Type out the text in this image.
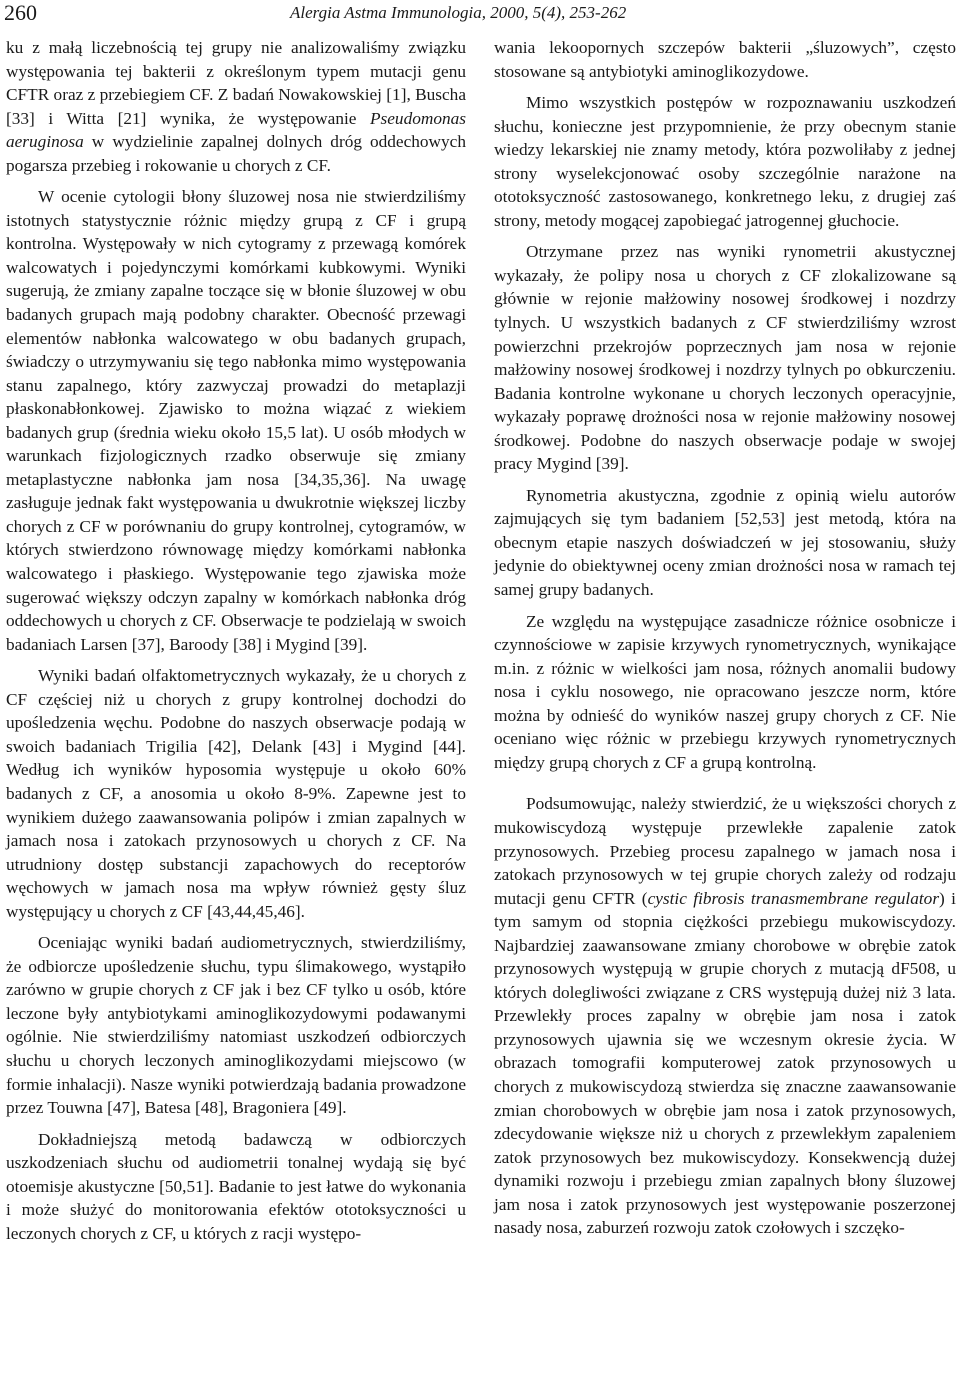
260	Alergia Astma Immunologia, 2000, 5(4), 253-262

ku z małą liczebnością tej grupy nie analizowaliśmy związku występowania tej bakterii z określonym typem mutacji genu CFTR oraz z przebiegiem CF. Z badań Nowakowskiej [1], Buscha [33] i Witta [21] wynika, że występowanie Pseudomonas aeruginosa w wydzielinie zapalnej dolnych dróg oddechowych pogarsza przebieg i rokowanie u chorych z CF.

W ocenie cytologii błony śluzowej nosa nie stwierdziliśmy istotnych statystycznie różnic między grupą z CF i grupą kontrolna. Występowały w nich cytogramy z przewagą komórek walcowatych i pojedynczymi komórkami kubkowymi. Wyniki sugerują, że zmiany zapalne toczące się w błonie śluzowej w obu badanych grupach mają podobny charakter. Obecność przewagi elementów nabłonka walcowatego w obu badanych grupach, świadczy o utrzymywaniu się tego nabłonka mimo występowania stanu zapalnego, który zazwyczaj prowadzi do metaplazji płaskonabłonkowej. Zjawisko to można wiązać z wiekiem badanych grup (średnia wieku około 15,5 lat). U osób młodych w warunkach fizjologicznych rzadko obserwuje się zmiany metaplastyczne nabłonka jam nosa [34,35,36]. Na uwagę zasługuje jednak fakt występowania u dwukrotnie większej liczby chorych z CF w porównaniu do grupy kontrolnej, cytogramów, w których stwierdzono równowagę między komórkami nabłonka walcowatego i płaskiego. Występowanie tego zjawiska może sugerować większy odczyn zapalny w komórkach nabłonka dróg oddechowych u chorych z CF. Obserwacje te podzielają w swoich badaniach Larsen [37], Baroody [38] i Mygind [39].

Wyniki badań olfaktometrycznych wykazały, że u chorych z CF częściej niż u chorych z grupy kontrolnej dochodzi do upośledzenia węchu. Podobne do naszych obserwacje podają w swoich badaniach Trigilia [42], Delank [43] i Mygind [44]. Według ich wyników hyposomia występuje u około 60% badanych z CF, a anosomia u około 8-9%. Zapewne jest to wynikiem dużego zaawansowania polipów i zmian zapalnych w jamach nosa i zatokach przynosowych u chorych z CF. Na utrudniony dostęp substancji zapachowych do receptorów węchowych w jamach nosa ma wpływ również gęsty śluz występujący u chorych z CF [43,44,45,46].

Oceniając wyniki badań audiometrycznych, stwierdziliśmy, że odbiorcze upośledzenie słuchu, typu ślimakowego, wystąpiło zarówno w grupie chorych z CF jak i bez CF tylko u osób, które leczone były antybiotykami aminoglikozydowymi podawanymi ogólnie. Nie stwierdziliśmy natomiast uszkodzeń odbiorczych słuchu u chorych leczonych aminoglikozydami miejscowo (w formie inhalacji). Nasze wyniki potwierdzają badania prowadzone przez Touwna [47], Batesa [48], Bragoniera [49].

Dokładniejszą metodą badawczą w odbiorczych uszkodzeniach słuchu od audiometrii tonalnej wydają się być otoemisje akustyczne [50,51]. Badanie to jest łatwe do wykonania i może służyć do monitorowania efektów ototoksyczności u leczonych chorych z CF, u których z racji występo-

wania lekoopornych szczepów bakterii „śluzowych”, często stosowane są antybiotyki aminoglikozydowe.

Mimo wszystkich postępów w rozpoznawaniu uszkodzeń słuchu, konieczne jest przypomnienie, że przy obecnym stanie wiedzy lekarskiej nie znamy metody, która pozwoliłaby z jednej strony wyselekcjonować osoby szczególnie narażone na ototoksyczność zastosowanego, konkretnego leku, z drugiej zaś strony, metody mogącej zapobiegać jatrogennej głuchocie.

Otrzymane przez nas wyniki rynometrii akustycznej wykazały, że polipy nosa u chorych z CF zlokalizowane są głównie w rejonie małżowiny nosowej środkowej i nozdrzy tylnych. U wszystkich badanych z CF stwierdziliśmy wzrost powierzchni przekrojów poprzecznych jam nosa w rejonie małżowiny nosowej środkowej i nozdrzy tylnych po obkurczeniu. Badania kontrolne wykonane u chorych leczonych operacyjnie, wykazały poprawę drożności nosa w rejonie małżowiny nosowej środkowej. Podobne do naszych obserwacje podaje w swojej pracy Mygind [39].

Rynometria akustyczna, zgodnie z opinią wielu autorów zajmujących się tym badaniem [52,53] jest metodą, która na obecnym etapie naszych doświadczeń w jej stosowaniu, służy jedynie do obiektywnej oceny zmian drożności nosa w ramach tej samej grupy badanych.

Ze względu na występujące zasadnicze różnice osobnicze i czynnościowe w zapisie krzywych rynometrycznych, wynikające m.in. z różnic w wielkości jam nosa, różnych anomalii budowy nosa i cyklu nosowego, nie opracowano jeszcze norm, które można by odnieść do wyników naszej grupy chorych z CF. Nie oceniano więc różnic w przebiegu krzywych rynometrycznych między grupą chorych z CF a grupą kontrolną.

Podsumowując, należy stwierdzić, że u większości chorych z mukowiscydozą występuje przewlekłe zapalenie zatok przynosowych. Przebieg procesu zapalnego w jamach nosa i zatokach przynosowych w tej grupie chorych zależy od rodzaju mutacji genu CFTR (cystic fibrosis tranasmembrane regulator) i tym samym od stopnia ciężkości przebiegu mukowiscydozy. Najbardziej zaawansowane zmiany chorobowe w obrębie zatok przynosowych występują w grupie chorych z mutacją dF508, u których dolegliwości związane z CRS występują dużej niż 3 lata. Przewlekły proces zapalny w obrębie jam nosa i zatok przynosowych ujawnia się we wczesnym okresie życia. W obrazach tomografii komputerowej zatok przynosowych u chorych z mukowiscydozą stwierdza się znaczne zaawansowanie zmian chorobowych w obrębie jam nosa i zatok przynosowych, zdecydowanie większe niż u chorych z przewlekłym zapaleniem zatok przynosowych bez mukowiscydozy. Konsekwencją dużej dynamiki rozwoju i przebiegu zmian zapalnych błony śluzowej jam nosa i zatok przynosowych jest występowanie poszerzonej nasady nosa, zaburzeń rozwoju zatok czołowych i szczęko-
